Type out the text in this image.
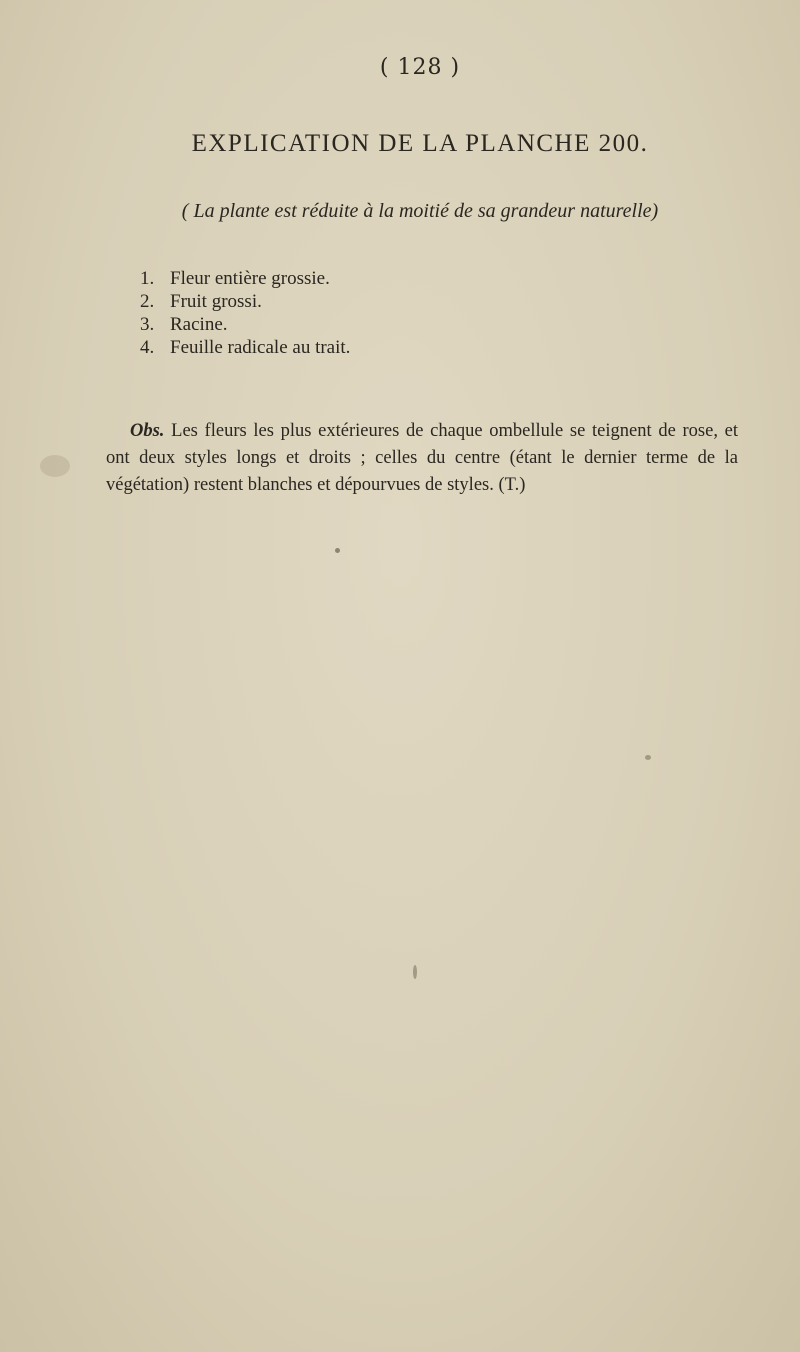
( 128 )
EXPLICATION DE LA PLANCHE 200.
( La plante est réduite à la moitié de sa grandeur naturelle)
1. Fleur entière grossie.
2. Fruit grossi.
3. Racine.
4. Feuille radicale au trait.
Obs. Les fleurs les plus extérieures de chaque ombellule se teignent de rose, et ont deux styles longs et droits ; celles du centre (étant le dernier terme de la végétation) restent blanches et dépourvues de styles. (T.)
